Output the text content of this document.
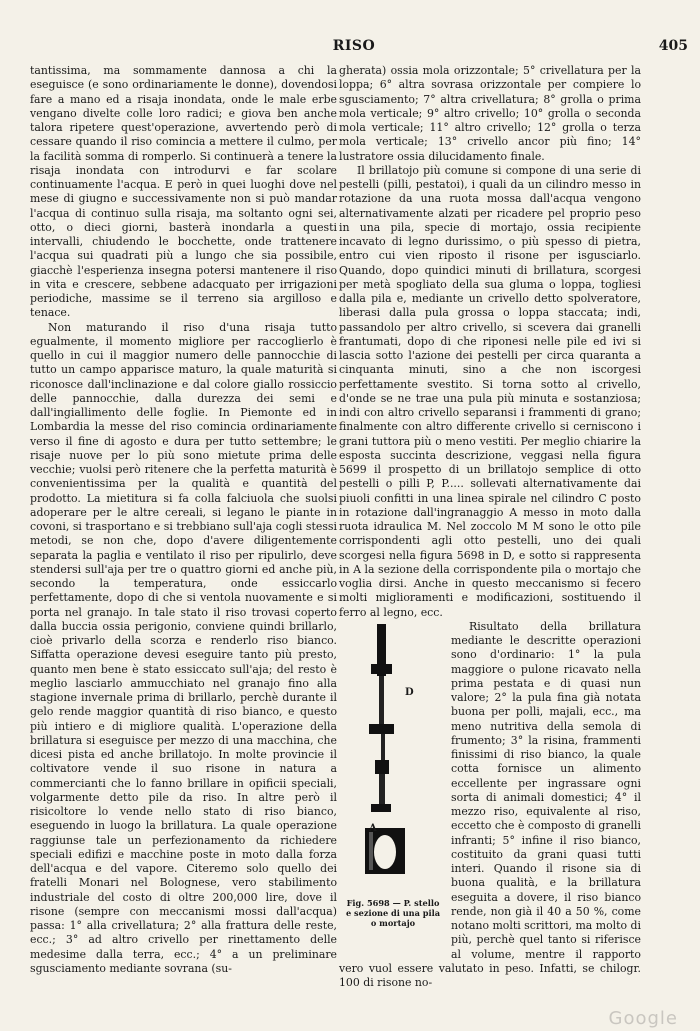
RISO	405

tantissima, ma sommamente dannosa a chi la eseguisce (e sono ordinariamente le donne), dovendosi fare a mano ed a risaja inondata, onde le male erbe vengano divelte colle loro radici; e giova ben anche talora ripetere quest'operazione, avvertendo però di cessare quando il riso comincia a mettere il culmo, per la facilità somma di romperlo. Si continuerà a tenere la risaja inondata con introdurvi e far scolare continuamente l'acqua. E però in quei luoghi dove nel mese di giugno e successivamente non si può mandar l'acqua di continuo sulla risaja, ma soltanto ogni sei, otto, o dieci giorni, basterà inondarla a questi intervalli, chiudendo le bocchette, onde trattenere l'acqua sui quadrati più a lungo che sia possibile, giacchè l'esperienza insegna potersi mantenere il riso in vita e crescere, sebbene adacquato per irrigazioni periodiche, massime se il terreno sia argilloso e tenace.

Non maturando il riso d'una risaja tutto egualmente, il momento migliore per raccoglierlo è quello in cui il maggior numero delle pannocchie di tutto un campo apparisce maturo, la quale maturità si riconosce dall'inclinazione e dal colore giallo rossiccio delle pannocchie, dalla durezza dei semi e dall'ingiallimento delle foglie. In Piemonte ed in Lombardia la messe del riso comincia ordinariamente verso il fine di agosto e dura per tutto settembre; le risaje nuove per lo più sono mietute prima delle vecchie; vuolsi però ritenere che la perfetta maturità è convenientissima per la qualità e quantità del prodotto. La mietitura si fa colla falciuola che suolsi adoperare per le altre cereali, si legano le piante in covoni, si trasportano e si trebbiano sull'aja cogli stessi metodi, se non che, dopo d'avere diligentemente separata la paglia e ventilato il riso per ripulirlo, deve stendersi sull'aja per tre o quattro giorni ed anche più, secondo la temperatura, onde essiccarlo perfettamente, dopo di che si ventola nuovamente e si porta nel granajo. In tale stato il riso trovasi coperto dalla buccia ossia perigonio, conviene quindi brillarlo, cioè privarlo della scorza e renderlo riso bianco. Siffatta operazione devesi eseguire tanto più presto, quanto men bene è stato essiccato sull'aja; del resto è meglio lasciarlo ammucchiato nel granajo fino alla stagione invernale prima di brillarlo, perchè durante il gelo rende maggior quantità di riso bianco, e questo più intiero e di migliore qualità. L'operazione della brillatura si eseguisce per mezzo di una macchina, che dicesi pista ed anche brillatojo. In molte provincie il coltivatore vende il suo risone in natura a commercianti che lo fanno brillare in opificii speciali, volgarmente detto pile da riso. In altre però il risicoltore lo vende nello stato di riso bianco, eseguendo in luogo la brillatura. La quale operazione raggiunse tale un perfezionamento da richiedere speciali edifizi e macchine poste in moto dalla forza dell'acqua e del vapore. Citeremo solo quello dei fratelli Monari nel Bolognese, vero stabilimento industriale del costo di oltre 200,000 lire, dove il risone (sempre con meccanismi mossi dall'acqua) passa: 1° alla crivellatura; 2° alla frattura delle reste, ecc.; 3° ad altro crivello per rinettamento delle medesime dalla terra, ecc.; 4° a un preliminare sgusciamento mediante sovrana (su-

gherata) ossia mola orizzontale; 5° crivellatura per la loppa; 6° altra sovrasa orizzontale per compiere lo sgusciamento; 7° altra crivellatura; 8° grolla o prima mola verticale; 9° altro crivello; 10° grolla o seconda mola verticale; 11° altro crivello; 12° grolla o terza mola verticale; 13° crivello ancor più fino; 14° lustratore ossia dilucidamento finale.

Il brillatojo più comune si compone di una serie di pestelli (pilli, pestatoi), i quali da un cilindro messo in rotazione da una ruota mossa dall'acqua vengono alternativamente alzati per ricadere pel proprio peso in una pila, specie di mortajo, ossia recipiente incavato di legno durissimo, o più spesso di pietra, entro cui vien riposto il risone per isgusciarlo. Quando, dopo quindici minuti di brillatura, scorgesi per metà spogliato della sua gluma o loppa, togliesi dalla pila e, mediante un crivello detto spolveratore, liberasi dalla pula grossa o loppa staccata; indi, passandolo per altro crivello, si scevera dai granelli frantumati, dopo di che riponesi nelle pile ed ivi si lascia sotto l'azione dei pestelli per circa quaranta a cinquanta minuti, sino a che non iscorgesi perfettamente svestito. Si torna sotto al crivello, d'onde se ne trae una pula più minuta e sostanziosa; indi con altro crivello separansi i frammenti di grano; finalmente con altro differente crivello si cerniscono i grani tuttora più o meno vestiti. Per meglio chiarire la esposta succinta descrizione, veggasi nella figura 5699 il prospetto di un brillatojo semplice di otto pestelli o pilli P, P..... sollevati alternativamente dai piuoli confitti in una linea spirale nel cilindro C posto in rotazione dall'ingranaggio A messo in moto dalla ruota idraulica M. Nel zoccolo M M sono le otto pile corrispondenti agli otto pestelli, uno dei quali scorgesi nella figura 5698 in D, e sotto si rappresenta in A la sezione della corrispondente pila o mortajo che voglia dirsi. Anche in questo meccanismo si fecero molti miglioramenti e modificazioni, sostituendo il ferro al legno, ecc.

D
A
Fig. 5698 — P. stello
e sezione di una pila
o mortajo

Risultato della brillatura mediante le descritte operazioni sono d'ordinario: 1° la pula maggiore o pulone ricavato nella prima pestata e di quasi nun valore; 2° la pula fina già notata buona per polli, majali, ecc., ma meno nutritiva della semola di frumento; 3° la risina, frammenti finissimi di riso bianco, la quale cotta fornisce un alimento eccellente per ingrassare ogni sorta di animali domestici; 4° il mezzo riso, equivalente al riso, eccetto che è composto di granelli infranti; 5° infine il riso bianco, costituito da grani quasi tutti interi. Quando il risone sia di buona qualità, e la brillatura eseguita a dovere, il riso bianco rende, non già il 40 a 50 %, come notano molti scrittori, ma molto di più, perchè quel tanto si riferisce al volume, mentre il rapporto vero vuol essere valutato in peso. Infatti, se chilogr. 100 di risone no-

Google
